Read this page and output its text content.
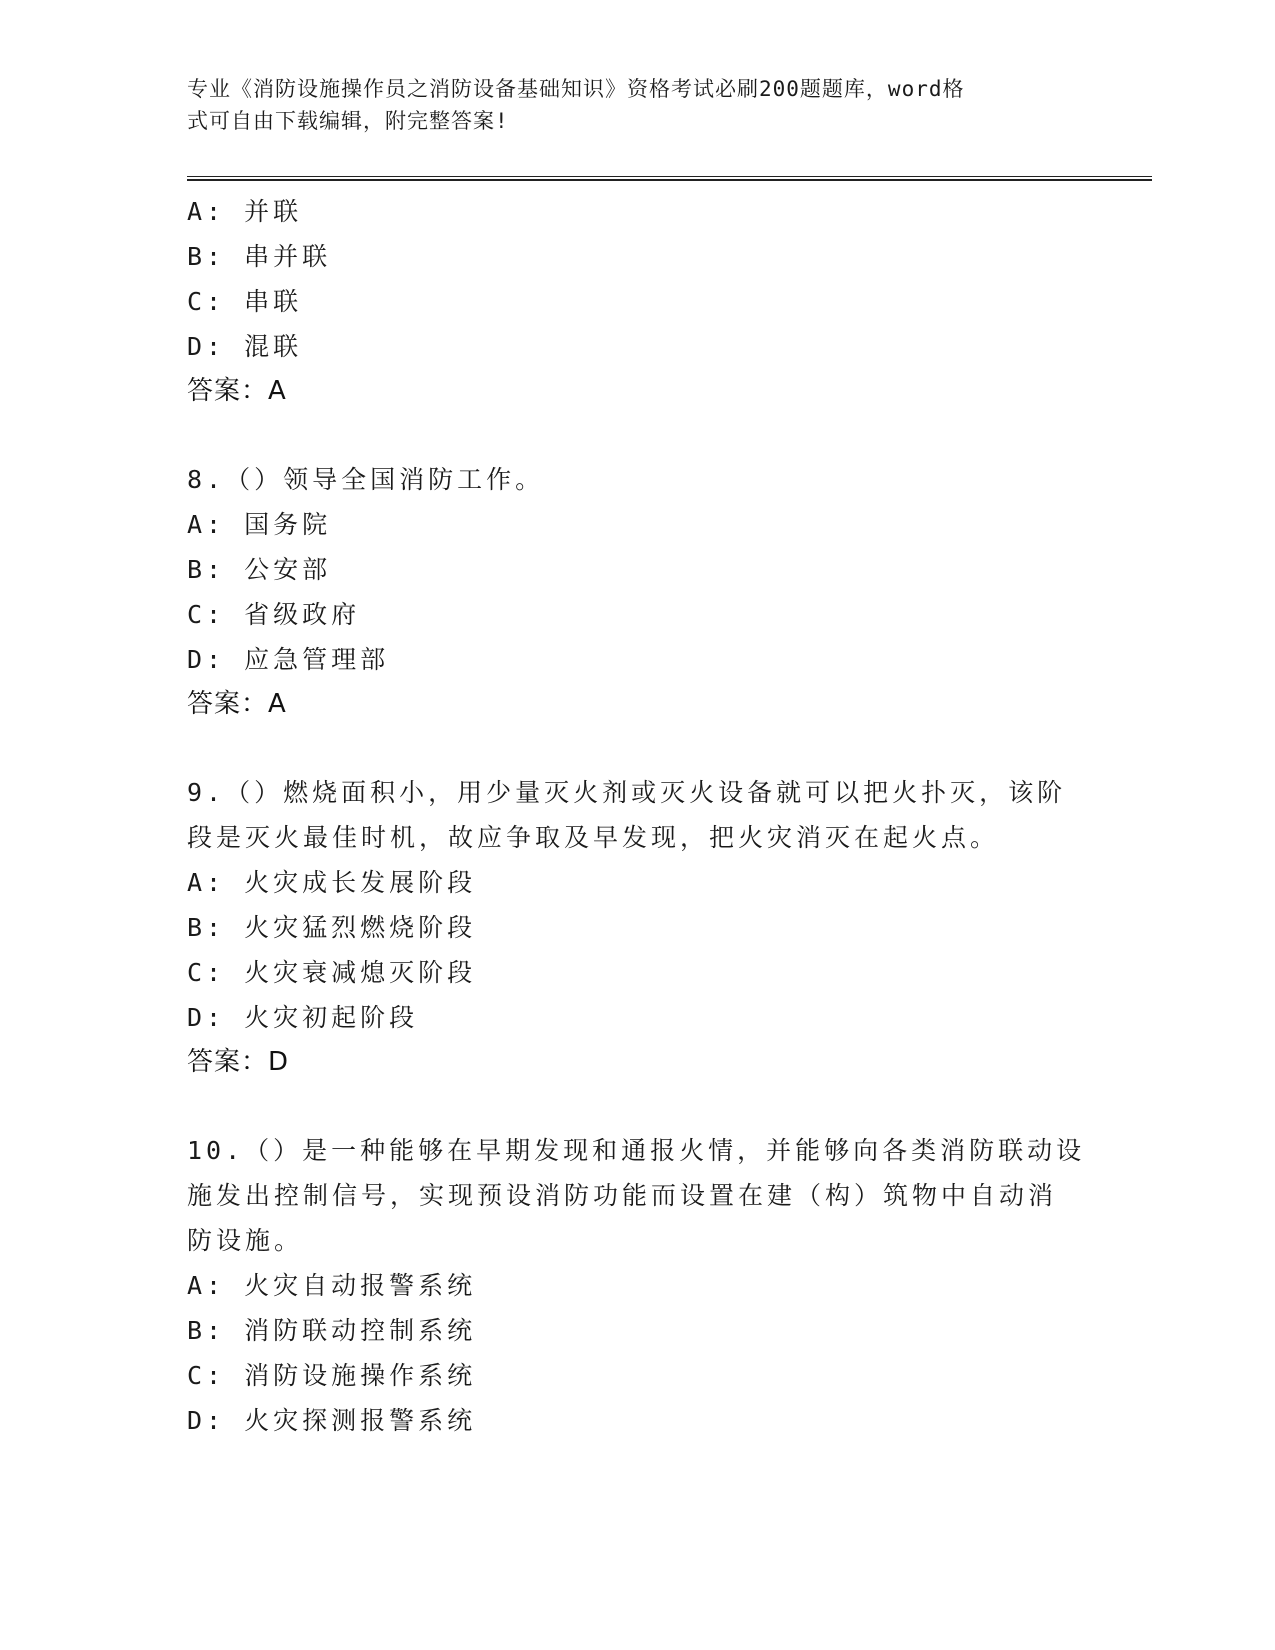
专业《消防设施操作员之消防设备基础知识》资格考试必刷200题题库，word格
式可自由下载编辑，附完整答案!
A: 并联
B: 串并联
C: 串联
D: 混联
答案：A
8.（）领导全国消防工作。
A: 国务院
B: 公安部
C: 省级政府
D: 应急管理部
答案：A
9.（）燃烧面积小，用少量灭火剂或灭火设备就可以把火扑灭，该阶
段是灭火最佳时机，故应争取及早发现，把火灾消灭在起火点。
A: 火灾成长发展阶段
B: 火灾猛烈燃烧阶段
C: 火灾衰减熄灭阶段
D: 火灾初起阶段
答案：D
10.（）是一种能够在早期发现和通报火情，并能够向各类消防联动设
施发出控制信号，实现预设消防功能而设置在建（构）筑物中自动消
防设施。
A: 火灾自动报警系统
B: 消防联动控制系统
C: 消防设施操作系统
D: 火灾探测报警系统
